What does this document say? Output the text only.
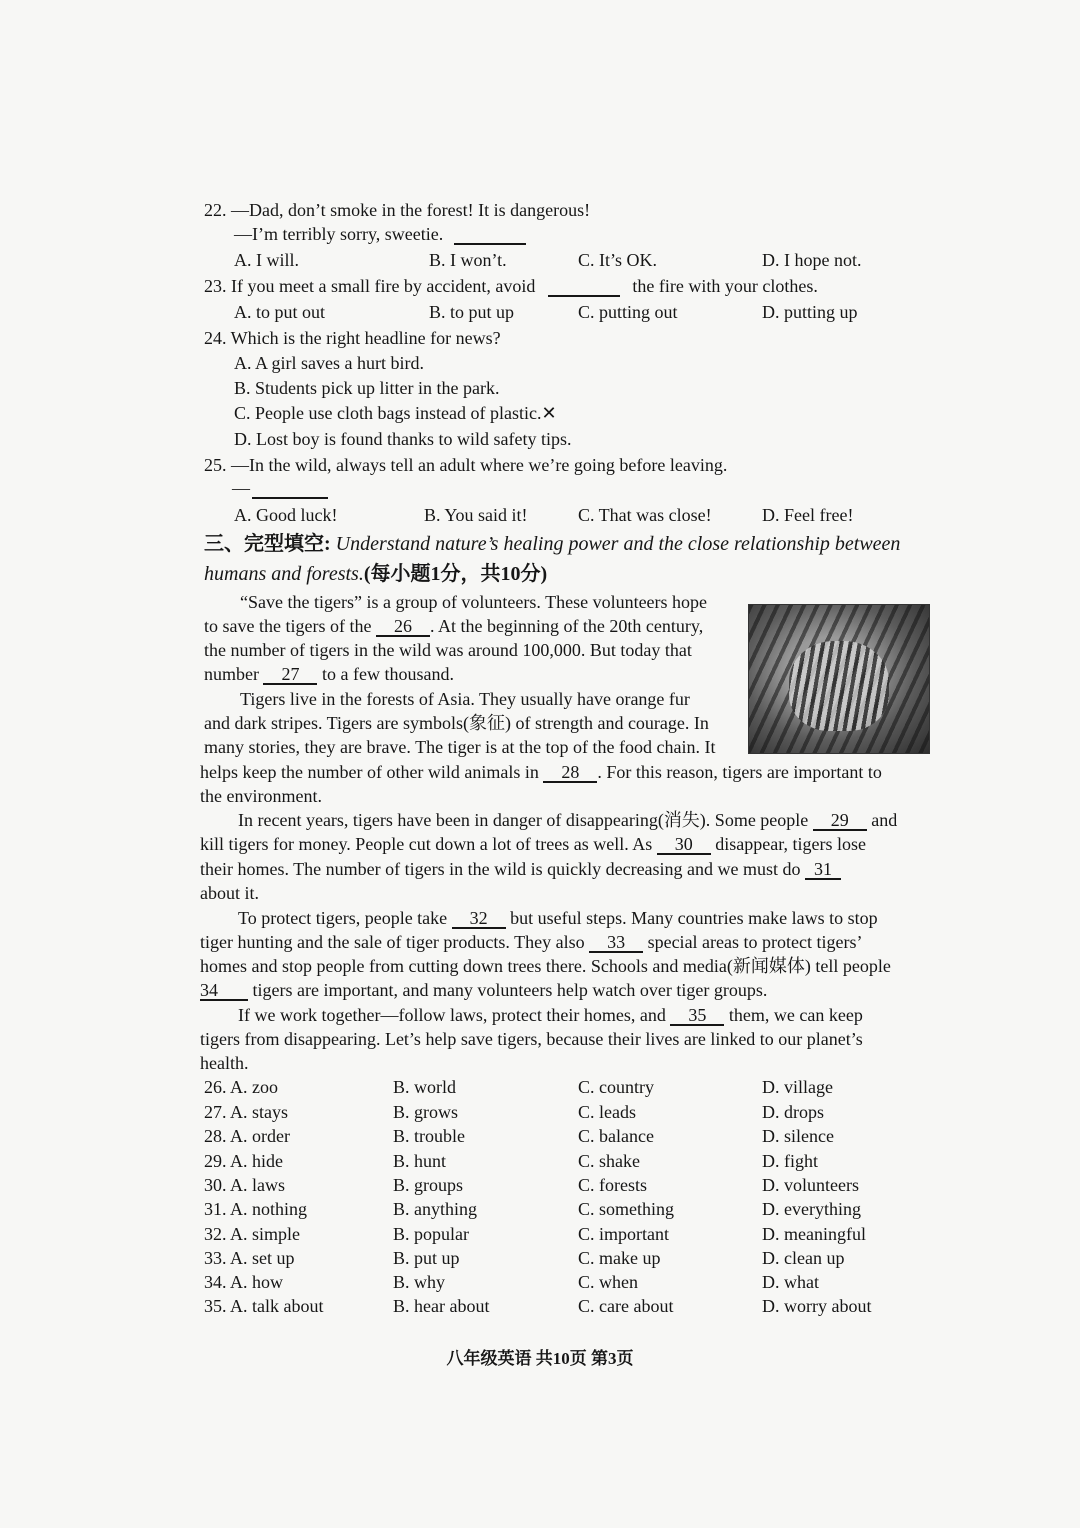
22. —Dad, don’t smoke in the forest! It is dangerous!
—I’m terribly sorry, sweetie.
A. I will.	B. I won’t.	C. It’s OK.	D. I hope not.
23. If you meet a small fire by accident, avoid	the fire with your clothes.
A. to put out	B. to put up	C. putting out	D. putting up
24. Which is the right headline for news?
A. A girl saves a hurt bird.
B. Students pick up litter in the park.
C. People use cloth bags instead of plastic.✕
D. Lost boy is found thanks to wild safety tips.
25. —In the wild, always tell an adult where we’re going before leaving.
—
A. Good luck!	B. You said it!	C. That was close!	D. Feel free!
三、完型填空: Understand nature’s healing power and the close relationship between
humans and forests.(每小题1分，共10分)
“Save the tigers” is a group of volunteers. These volunteers hope
to save the tigers of the 26 . At the beginning of the 20th century,
the number of tigers in the wild was around 100,000. But today that
number 27 to a few thousand.
Tigers live in the forests of Asia. They usually have orange fur
and dark stripes. Tigers are symbols(象征) of strength and courage. In
many stories, they are brave. The tiger is at the top of the food chain. It
helps keep the number of other wild animals in 28 . For this reason, tigers are important to
the environment.
In recent years, tigers have been in danger of disappearing(消失). Some people 29 and
kill tigers for money. People cut down a lot of trees as well. As 30 disappear, tigers lose
their homes. The number of tigers in the wild is quickly decreasing and we must do 31
about it.
To protect tigers, people take 32 but useful steps. Many countries make laws to stop
tiger hunting and the sale of tiger products. They also 33 special areas to protect tigers’
homes and stop people from cutting down trees there. Schools and media(新闻媒体) tell people
34 tigers are important, and many volunteers help watch over tiger groups.
If we work together—follow laws, protect their homes, and 35 them, we can keep
tigers from disappearing. Let’s help save tigers, because their lives are linked to our planet’s
health.
26. A. zoo	B. world	C. country	D. village
27. A. stays	B. grows	C. leads	D. drops
28. A. order	B. trouble	C. balance	D. silence
29. A. hide	B. hunt	C. shake	D. fight
30. A. laws	B. groups	C. forests	D. volunteers
31. A. nothing	B. anything	C. something	D. everything
32. A. simple	B. popular	C. important	D. meaningful
33. A. set up	B. put up	C. make up	D. clean up
34. A. how	B. why	C. when	D. what
35. A. talk about	B. hear about	C. care about	D. worry about
八年级英语 共10页 第3页
